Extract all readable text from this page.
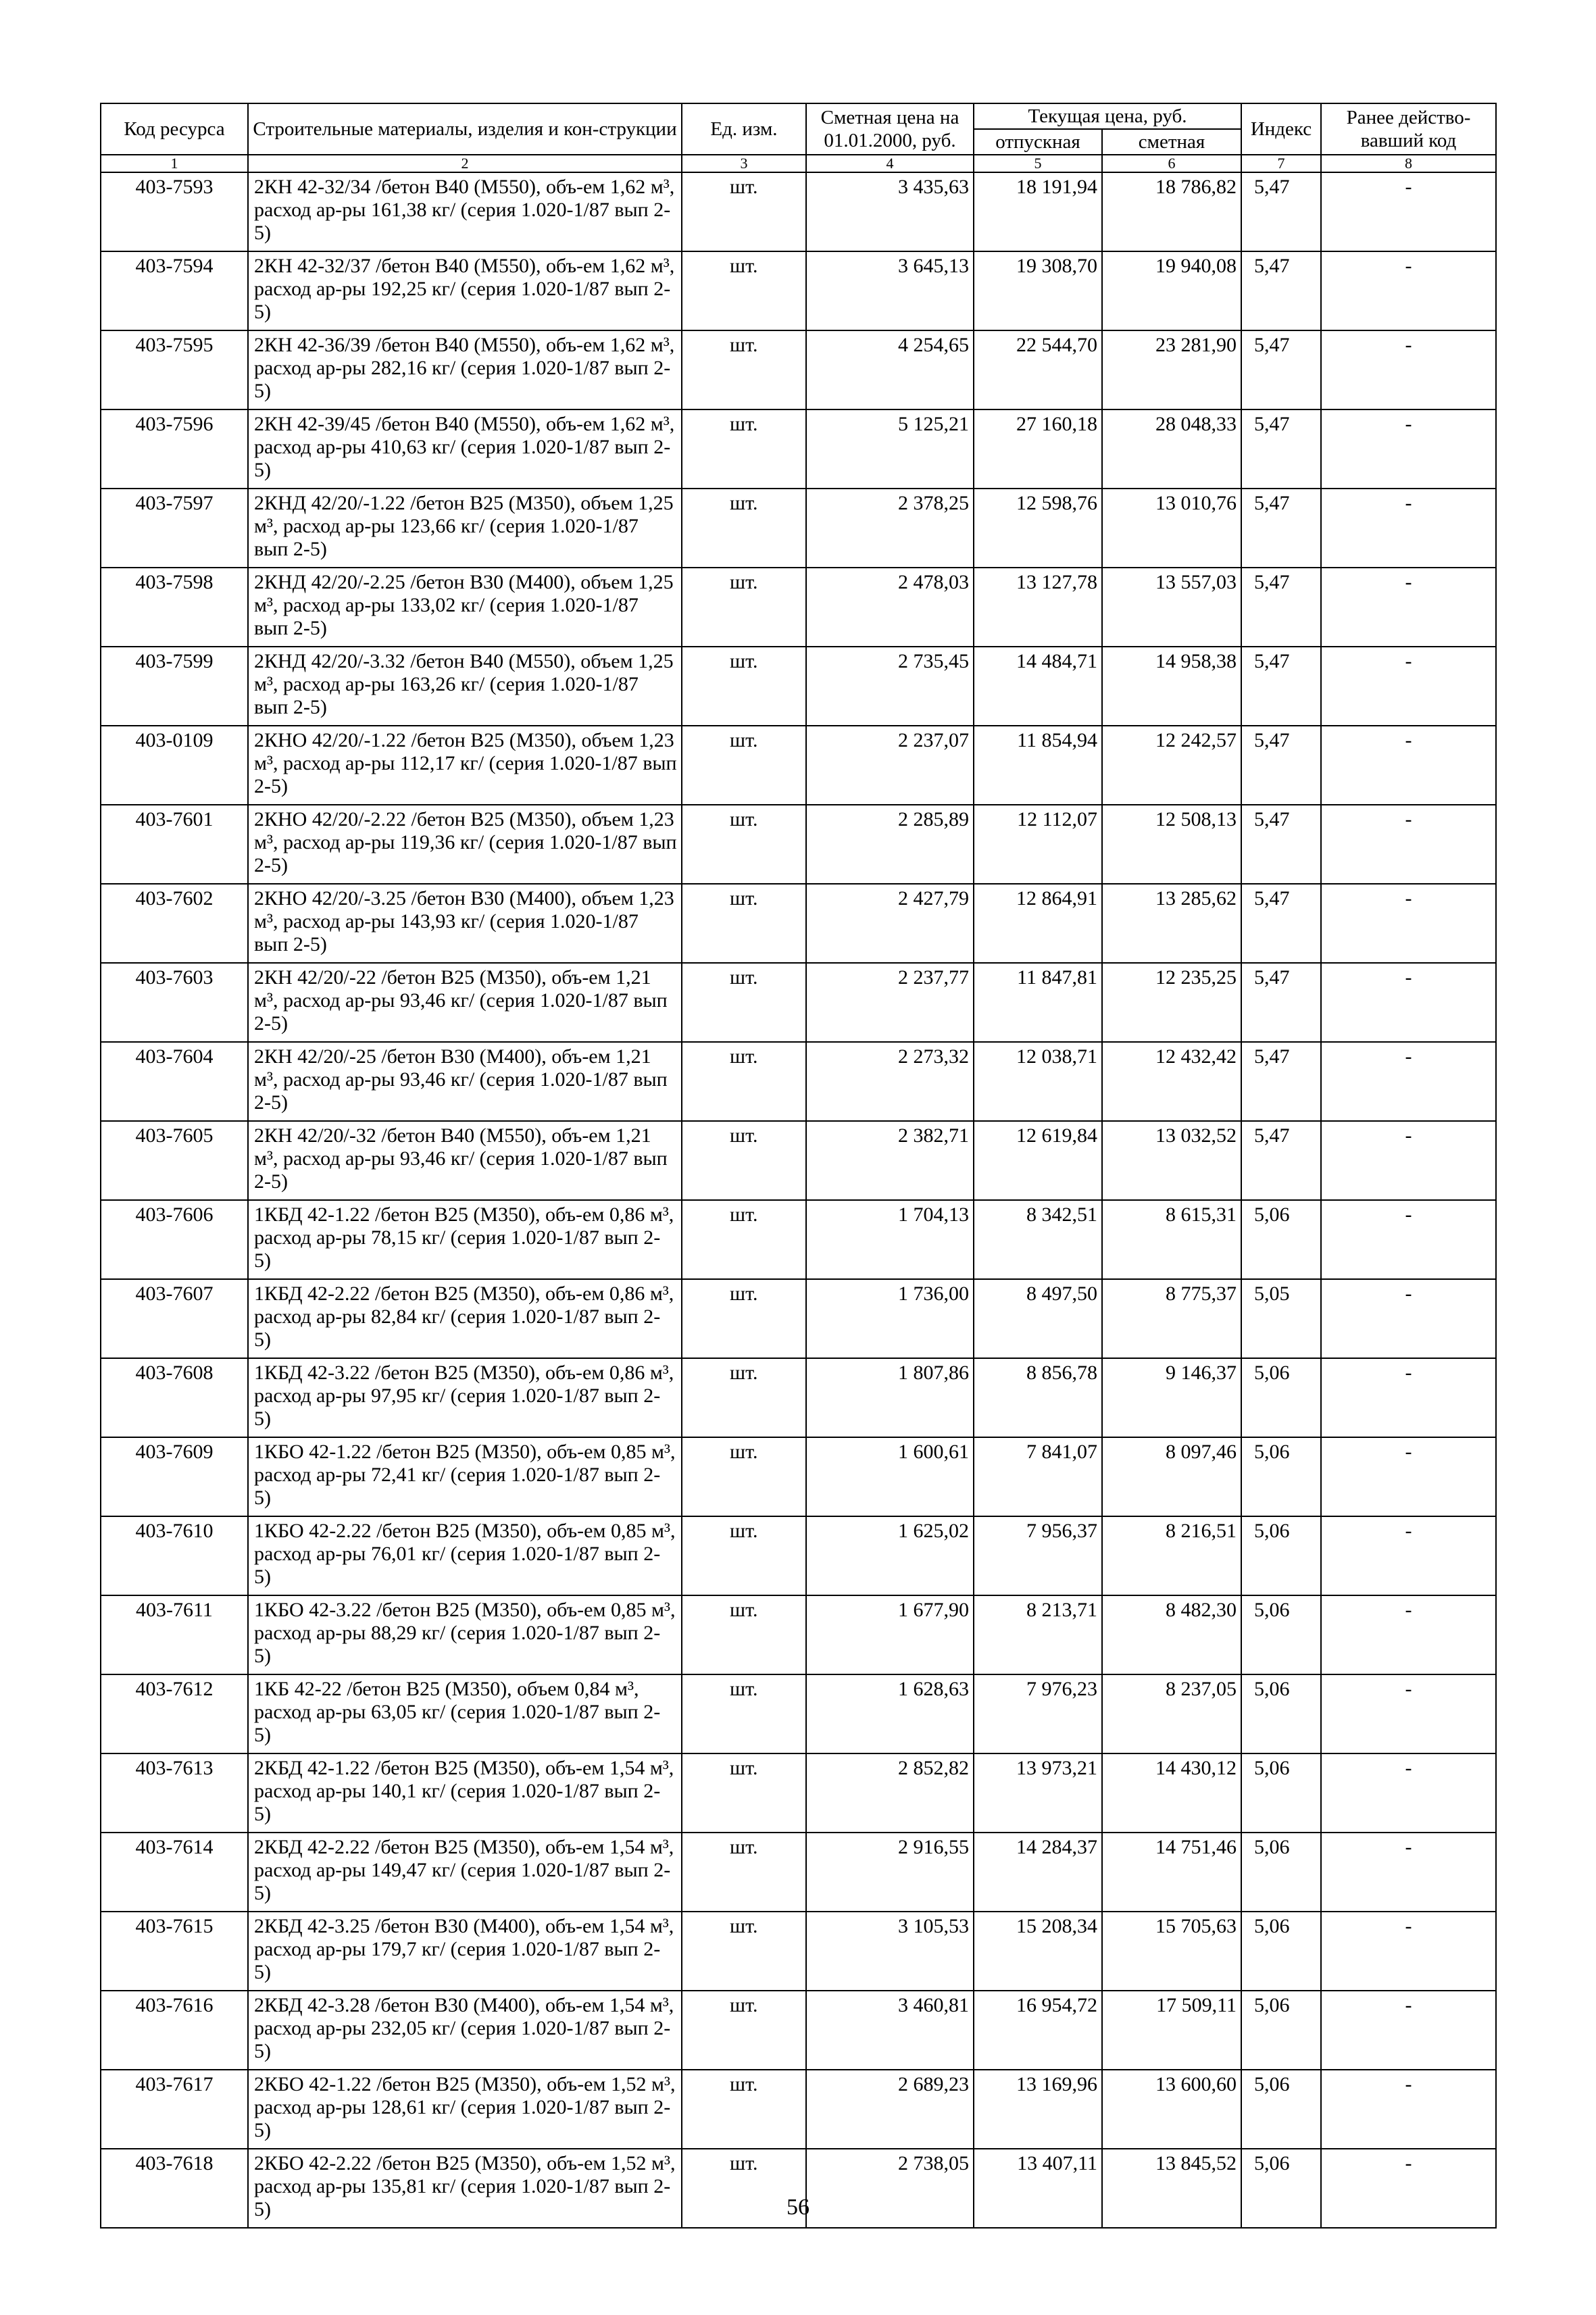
Код ресурса	Строительные материалы, изделия и кон-струкции	Ед. изм.	Сметная цена на 01.01.2000, руб.	Текущая цена, руб.		Индекс	Ранее действо-вавший код
				отпускная	сметная		
1	2	3	4	5	6	7	8
403-7593	2КН 42-32/34 /бетон В40 (М550), объ-ем 1,62 м³, расход ар-ры 161,38 кг/ (серия 1.020-1/87 вып 2-5)	шт.	3 435,63	18 191,94	18 786,82	5,47	-
403-7594	2КН 42-32/37 /бетон В40 (М550), объ-ем 1,62 м³, расход ар-ры 192,25 кг/ (серия 1.020-1/87 вып 2-5)	шт.	3 645,13	19 308,70	19 940,08	5,47	-
403-7595	2КН 42-36/39 /бетон В40 (М550), объ-ем 1,62 м³, расход ар-ры 282,16 кг/ (серия 1.020-1/87 вып 2-5)	шт.	4 254,65	22 544,70	23 281,90	5,47	-
403-7596	2КН 42-39/45 /бетон В40 (М550), объ-ем 1,62 м³, расход ар-ры 410,63 кг/ (серия 1.020-1/87 вып 2-5)	шт.	5 125,21	27 160,18	28 048,33	5,47	-
403-7597	2КНД 42/20/-1.22 /бетон В25 (М350), объем 1,25 м³, расход ар-ры 123,66 кг/ (серия 1.020-1/87 вып 2-5)	шт.	2 378,25	12 598,76	13 010,76	5,47	-
403-7598	2КНД 42/20/-2.25 /бетон В30 (М400), объем 1,25 м³, расход ар-ры 133,02 кг/ (серия 1.020-1/87 вып 2-5)	шт.	2 478,03	13 127,78	13 557,03	5,47	-
403-7599	2КНД 42/20/-3.32 /бетон В40 (М550), объем 1,25 м³, расход ар-ры 163,26 кг/ (серия 1.020-1/87 вып 2-5)	шт.	2 735,45	14 484,71	14 958,38	5,47	-
403-0109	2КНО 42/20/-1.22 /бетон В25 (М350), объем 1,23 м³, расход ар-ры 112,17 кг/ (серия 1.020-1/87 вып 2-5)	шт.	2 237,07	11 854,94	12 242,57	5,47	-
403-7601	2КНО 42/20/-2.22 /бетон В25 (М350), объем 1,23 м³, расход ар-ры 119,36 кг/ (серия 1.020-1/87 вып 2-5)	шт.	2 285,89	12 112,07	12 508,13	5,47	-
403-7602	2КНО 42/20/-3.25 /бетон В30 (М400), объем 1,23 м³, расход ар-ры 143,93 кг/ (серия 1.020-1/87 вып 2-5)	шт.	2 427,79	12 864,91	13 285,62	5,47	-
403-7603	2КН 42/20/-22 /бетон В25 (М350), объ-ем 1,21 м³, расход ар-ры 93,46 кг/ (серия 1.020-1/87 вып 2-5)	шт.	2 237,77	11 847,81	12 235,25	5,47	-
403-7604	2КН 42/20/-25 /бетон В30 (М400), объ-ем 1,21 м³, расход ар-ры 93,46 кг/ (серия 1.020-1/87 вып 2-5)	шт.	2 273,32	12 038,71	12 432,42	5,47	-
403-7605	2КН 42/20/-32 /бетон В40 (М550), объ-ем 1,21 м³, расход ар-ры 93,46 кг/ (серия 1.020-1/87 вып 2-5)	шт.	2 382,71	12 619,84	13 032,52	5,47	-
403-7606	1КБД 42-1.22 /бетон В25 (М350), объ-ем 0,86 м³, расход ар-ры 78,15 кг/ (серия 1.020-1/87 вып 2-5)	шт.	1 704,13	8 342,51	8 615,31	5,06	-
403-7607	1КБД 42-2.22 /бетон В25 (М350), объ-ем 0,86 м³, расход ар-ры 82,84 кг/ (серия 1.020-1/87 вып 2-5)	шт.	1 736,00	8 497,50	8 775,37	5,05	-
403-7608	1КБД 42-3.22 /бетон В25 (М350), объ-ем 0,86 м³, расход ар-ры 97,95 кг/ (серия 1.020-1/87 вып 2-5)	шт.	1 807,86	8 856,78	9 146,37	5,06	-
403-7609	1КБО 42-1.22 /бетон В25 (М350), объ-ем 0,85 м³, расход ар-ры 72,41 кг/ (серия 1.020-1/87 вып 2-5)	шт.	1 600,61	7 841,07	8 097,46	5,06	-
403-7610	1КБО 42-2.22 /бетон В25 (М350), объ-ем 0,85 м³, расход ар-ры 76,01 кг/ (серия 1.020-1/87 вып 2-5)	шт.	1 625,02	7 956,37	8 216,51	5,06	-
403-7611	1КБО 42-3.22 /бетон В25 (М350), объ-ем 0,85 м³, расход ар-ры 88,29 кг/ (серия 1.020-1/87 вып 2-5)	шт.	1 677,90	8 213,71	8 482,30	5,06	-
403-7612	1КБ 42-22 /бетон В25 (М350), объем 0,84 м³, расход ар-ры 63,05 кг/ (серия 1.020-1/87 вып 2-5)	шт.	1 628,63	7 976,23	8 237,05	5,06	-
403-7613	2КБД 42-1.22 /бетон В25 (М350), объ-ем 1,54 м³, расход ар-ры 140,1 кг/ (серия 1.020-1/87 вып 2-5)	шт.	2 852,82	13 973,21	14 430,12	5,06	-
403-7614	2КБД 42-2.22 /бетон В25 (М350), объ-ем 1,54 м³, расход ар-ры 149,47 кг/ (серия 1.020-1/87 вып 2-5)	шт.	2 916,55	14 284,37	14 751,46	5,06	-
403-7615	2КБД 42-3.25 /бетон В30 (М400), объ-ем 1,54 м³, расход ар-ры 179,7 кг/ (серия 1.020-1/87 вып 2-5)	шт.	3 105,53	15 208,34	15 705,63	5,06	-
403-7616	2КБД 42-3.28 /бетон В30 (М400), объ-ем 1,54 м³, расход ар-ры 232,05 кг/ (серия 1.020-1/87 вып 2-5)	шт.	3 460,81	16 954,72	17 509,11	5,06	-
403-7617	2КБО 42-1.22 /бетон В25 (М350), объ-ем 1,52 м³, расход ар-ры 128,61 кг/ (серия 1.020-1/87 вып 2-5)	шт.	2 689,23	13 169,96	13 600,60	5,06	-
403-7618	2КБО 42-2.22 /бетон В25 (М350), объ-ем 1,52 м³, расход ар-ры 135,81 кг/ (серия 1.020-1/87 вып 2-5)	шт.	2 738,05	13 407,11	13 845,52	5,06	-
56
